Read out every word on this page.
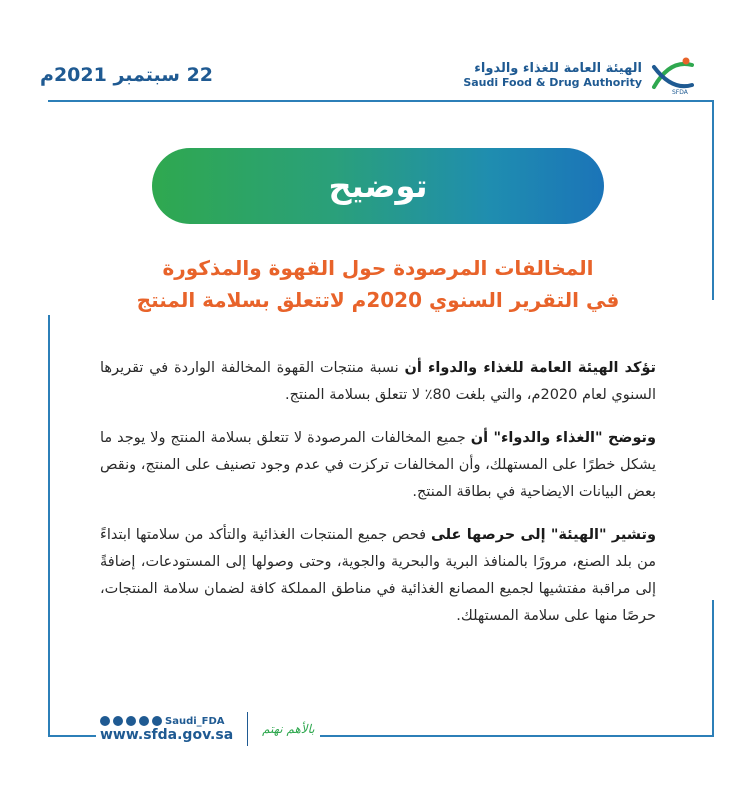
22 سبتمبر 2021م	الهيئة العامة للغذاء والدواء
Saudi Food & Drug Authority
SFDA
توضيح
المخالفات المرصودة حول القهوة والمذكورة
في التقرير السنوي 2020م لاتتعلق بسلامة المنتج

تؤكد الهيئة العامة للغذاء والدواء أن نسبة منتجات القهوة المخالفة الواردة في تقريرها السنوي لعام 2020م، والتي بلغت 80٪ لا تتعلق بسلامة المنتج.

وتوضح "الغذاء والدواء" أن جميع المخالفات المرصودة لا تتعلق بسلامة المنتج ولا يوجد ما يشكل خطرًا على المستهلك، وأن المخالفات تركزت في عدم وجود تصنيف على المنتج، ونقص بعض البيانات الايضاحية في بطاقة المنتج.

وتشير "الهيئة" إلى حرصها على فحص جميع المنتجات الغذائية والتأكد من سلامتها ابتداءً من بلد الصنع، مرورًا بالمنافذ البرية والبحرية والجوية، وحتى وصولها إلى المستودعات، إضافةً إلى مراقبة مفتشيها لجميع المصانع الغذائية في مناطق المملكة كافة لضمان سلامة المنتجات، حرصًا منها على سلامة المستهلك.

Saudi_FDA
www.sfda.gov.sa بالأهم نهتم
